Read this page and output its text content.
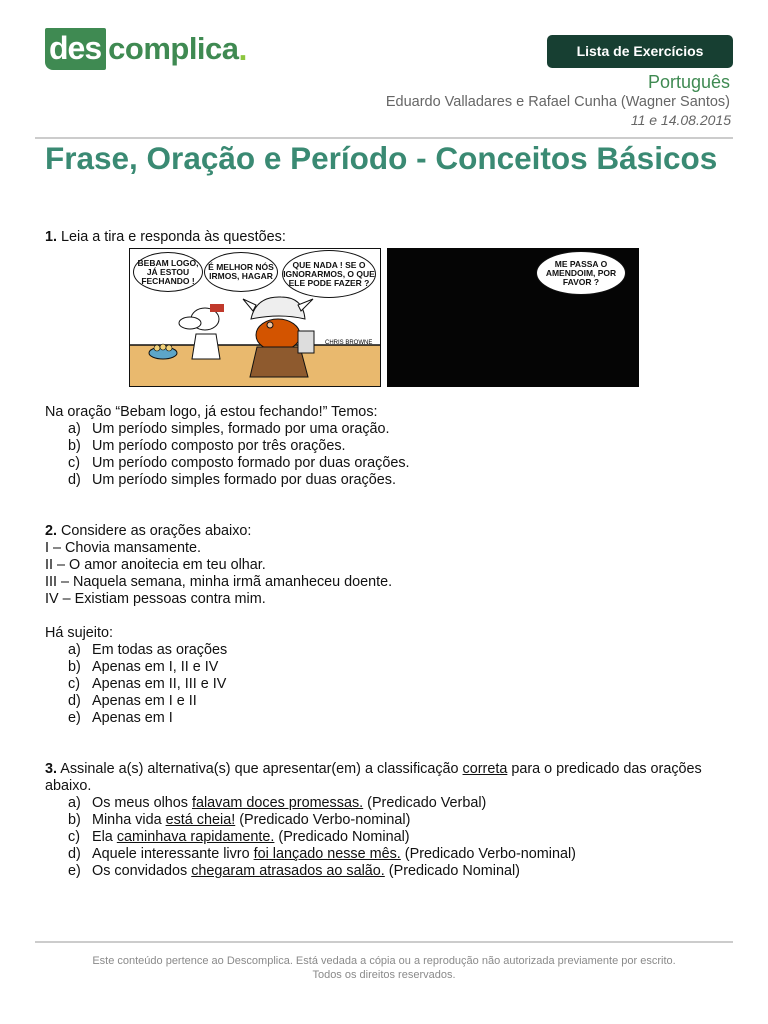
des complica .	Lista de Exercícios
Português
Eduardo Valladares e Rafael Cunha (Wagner Santos)
11 e 14.08.2015
Frase, Oração e Período - Conceitos Básicos

1. Leia a tira e responda às questões:

CHRIS BROWNE
BEBAM LOGO, JÁ ESTOU FECHANDO !
É MELHOR NÓS IRMOS, HAGAR
QUE NADA ! SE O IGNORARMOS, O QUE ELE PODE FAZER ?
ME PASSA O AMENDOIM, POR FAVOR ?

Na oração “Bebam logo, já estou fechando!” Temos:

a) Um período simples, formado por uma oração.
b) Um período composto por três orações.
c) Um período composto formado por duas orações.
d) Um período simples formado por duas orações.

2. Considere as orações abaixo:

I – Chovia mansamente.

II – O amor anoitecia em teu olhar.

III – Naquela semana, minha irmã amanheceu doente.

IV – Existiam pessoas contra mim.

Há sujeito:

a) Em todas as orações
b) Apenas em I, II e IV
c) Apenas em II, III e IV
d) Apenas em I e II
e) Apenas em I

3. Assinale a(s) alternativa(s) que apresentar(em) a classificação correta para o predicado das orações abaixo.

a) Os meus olhos falavam doces promessas. (Predicado Verbal)
b) Minha vida está cheia! (Predicado Verbo-nominal)
c) Ela caminhava rapidamente. (Predicado Nominal)
d) Aquele interessante livro foi lançado nesse mês. (Predicado Verbo-nominal)
e) Os convidados chegaram atrasados ao salão. (Predicado Nominal)
Este conteúdo pertence ao Descomplica. Está vedada a cópia ou a reprodução não autorizada previamente por escrito.
Todos os direitos reservados.
